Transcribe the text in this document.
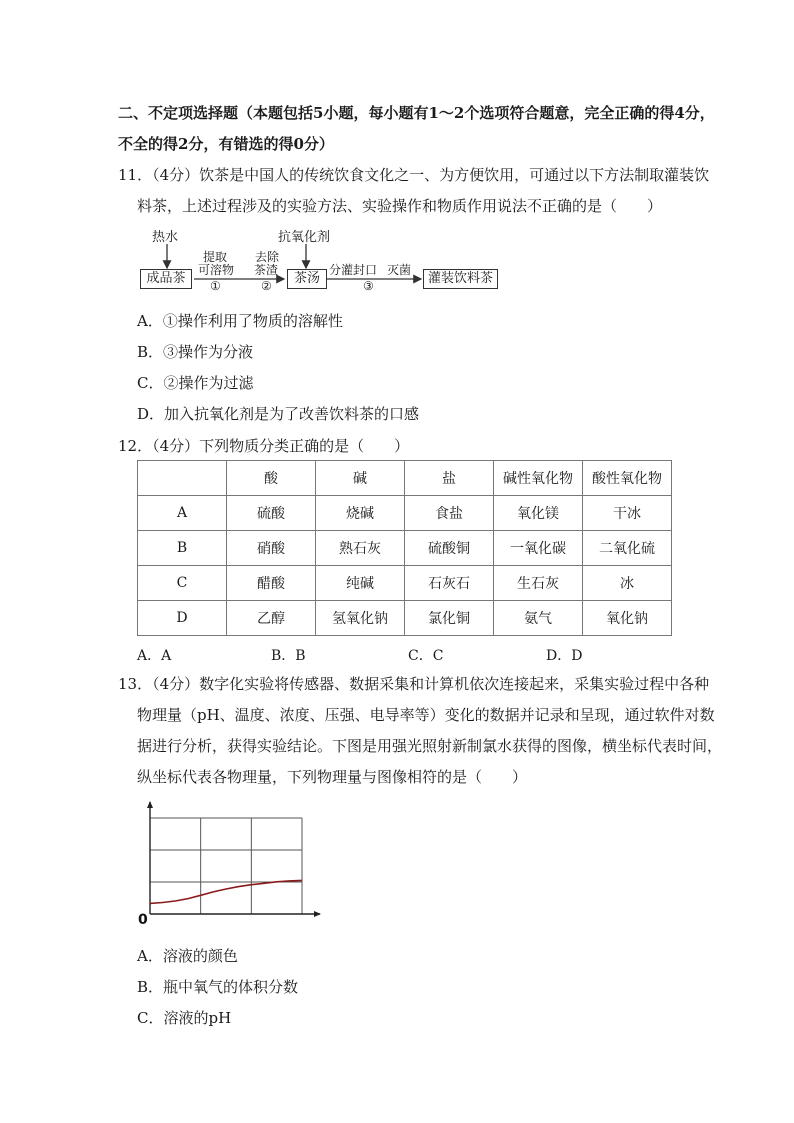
二、不定项选择题（本题包括5小题，每小题有1～2个选项符合题意，完全正确的得4分，
不全的得2分，有错选的得0分）
11．（4分）饮茶是中国人的传统饮食文化之一、为方便饮用，可通过以下方法制取灌装饮
料茶，上述过程涉及的实验方法、实验操作和物质作用说法不正确的是（　　）
热水	抗氧化剂
成品茶
提取
可溶物
①
去除
茶渣
②	茶汤
分灌封口
③
灭菌
灌装饮料茶
A．①操作利用了物质的溶解性
B．③操作为分液
C．②操作为过滤
D．加入抗氧化剂是为了改善饮料茶的口感
12．（4分）下列物质分类正确的是（　　）
	酸	碱	盐	碱性氧化物	酸性氧化物
A	硫酸	烧碱	食盐	氧化镁	干冰
B	硝酸	熟石灰	硫酸铜	一氧化碳	二氧化硫
C	醋酸	纯碱	石灰石	生石灰	冰
D	乙醇	氢氧化钠	氯化铜	氨气	氧化钠
A．A	B．B	C．C	D．D
13．（4分）数字化实验将传感器、数据采集和计算机依次连接起来，采集实验过程中各种
物理量（pH、温度、浓度、压强、电导率等）变化的数据并记录和呈现，通过软件对数
据进行分析，获得实验结论。下图是用强光照射新制氯水获得的图像，横坐标代表时间，
纵坐标代表各物理量，下列物理量与图像相符的是（　　）
0
A．溶液的颜色
B．瓶中氧气的体积分数
C．溶液的pH
